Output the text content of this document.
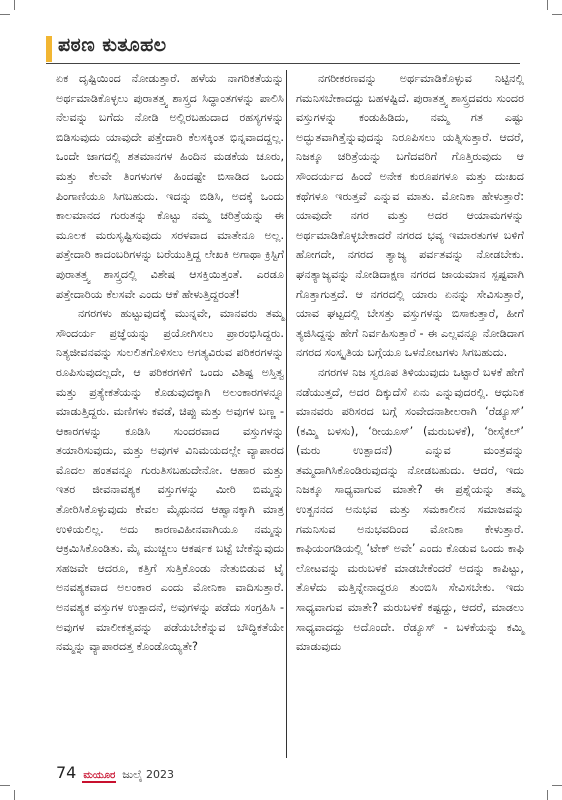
ಪಠಣ ಕುತೂಹಲ

ಏಕ ದೃಷ್ಟಿಯಿಂದ ನೋಡುತ್ತಾರೆ. ಹಳೆಯ ನಾಗರಿಕತೆಯನ್ನು ಅರ್ಥಮಾಡಿಕೊಳ್ಳಲು ಪುರಾತತ್ತ್ವ ಶಾಸ್ತ್ರದ ಸಿದ್ಧಾಂತಗಳನ್ನು ಪಾಲಿಸಿ ನೆಲವನ್ನು ಬಗೆದು ನೋಡಿ ಅಲ್ಲಿರಬಹುದಾದ ರಹಸ್ಯಗಳನ್ನು ಬಿಡಿಸುವುದು ಯಾವುದೇ ಪತ್ತೇದಾರಿ ಕೆಲಸಕ್ಕಿಂತ ಭಿನ್ನವಾದದ್ದಲ್ಲ. ಒಂದೇ ಜಾಗದಲ್ಲಿ ಶತಮಾನಗಳ ಹಿಂದಿನ ಮಡಕೆಯ ಚೂರು, ಮತ್ತು ಕೆಲವೇ ತಿಂಗಳುಗಳ ಹಿಂದಷ್ಟೇ ಬಿಸಾಡಿದ ಒಂದು ಪಿಂಗಾಣಿಯೂ ಸಿಗಬಹುದು. ಇದನ್ನು ಬಿಡಿಸಿ, ಅದಕ್ಕೆ ಒಂದು ಕಾಲಮಾನದ ಗುರುತನ್ನು ಕೊಟ್ಟು ನಮ್ಮ ಚರಿತ್ರೆಯನ್ನು ಈ ಮೂಲಕ ಮರುಸೃಷ್ಟಿಸುವುದು ಸರಳವಾದ ಮಾತೇನೂ ಅಲ್ಲ. ಪತ್ತೇದಾರಿ ಕಾದಂಬರಿಗಳನ್ನು ಬರೆಯುತ್ತಿದ್ದ ಲೇಖಕಿ ಅಗಾಥಾ ಕ್ರಿಸ್ಟಿಗೆ ಪುರಾತತ್ತ್ವ ಶಾಸ್ತ್ರದಲ್ಲಿ ವಿಶೇಷ ಆಸಕ್ತಿಯಿತ್ತಂತೆ. ಎರಡೂ ಪತ್ತೇದಾರಿಯ ಕೆಲಸವೇ ಎಂದು ಆಕೆ ಹೇಳುತ್ತಿದ್ದರಂತೆ!

ನಗರಗಳು ಹುಟ್ಟುವುದಕ್ಕೆ ಮುನ್ನವೇ, ಮಾನವರು ತಮ್ಮ ಸೌಂದರ್ಯ ಪ್ರಜ್ಞೆಯನ್ನು ಪ್ರಯೋಗಿಸಲು ಪ್ರಾರಂಭಿಸಿದ್ದರು. ನಿತ್ಯಜೀವನವನ್ನು ಸುಲಲಿತಗೊಳಿಸಲು ಅಗತ್ಯವಿರುವ ಪರಿಕರಗಳನ್ನು ರೂಪಿಸುವುದಲ್ಲದೇ, ಆ ಪರಿಕರಗಳಿಗೆ ಒಂದು ವಿಶಿಷ್ಟ ಅಸ್ತಿತ್ವ ಮತ್ತು ಪ್ರತ್ಯೇಕತೆಯನ್ನು ಕೊಡುವುದಕ್ಕಾಗಿ ಅಲಂಕಾರಗಳನ್ನೂ ಮಾಡುತ್ತಿದ್ದರು. ಮಣಿಗಳು ಕವಡೆ, ಚಿಪ್ಪು ಮತ್ತು ಅವುಗಳ ಬಣ್ಣ - ಆಕಾರಗಳನ್ನು ಕೂಡಿಸಿ ಸುಂದರವಾದ ವಸ್ತುಗಳನ್ನು ತಯಾರಿಸುವುದು, ಮತ್ತು ಅವುಗಳ ವಿನಿಮಯದಲ್ಲೇ ವ್ಯಾಪಾರದ ಮೊದಲ ಹಂತವನ್ನೂ ಗುರುತಿಸಬಹುದೇನೋ. ಆಹಾರ ಮತ್ತು ಇತರ ಜೀವನಾವಶ್ಯಕ ವಸ್ತುಗಳನ್ನು ಮೀರಿ ಬಿಮ್ಮನ್ನು ತೋರಿಸಿಕೊಳ್ಳುವುದು ಕೇವಲ ಮೈಥುನದ ಆಹ್ವಾನಕ್ಕಾಗಿ ಮಾತ್ರ ಉಳಿಯಲಿಲ್ಲ. ಅದು ಕಾರಣವಿಹೀನವಾಗಿಯೂ ನಮ್ಮನ್ನು ಆಕ್ರಮಿಸಿಕೊಂಡಿತು. ಮೈ ಮುಚ್ಚಲು ಆಕರ್ಷಕ ಬಟ್ಟೆ ಬೇಕೆನ್ನುವುದು ಸಹಜವೇ ಆದರೂ, ಕತ್ತಿಗೆ ಸುತ್ತಿಕೊಂಡು ನೇತುಬಿಡುವ ಟೈ ಅನವಶ್ಯಕವಾದ ಅಲಂಕಾರ ಎಂದು ಮೋನಿಕಾ ವಾದಿಸುತ್ತಾರೆ. ಅನವಶ್ಯಕ ವಸ್ತುಗಳ ಉತ್ಪಾದನೆ, ಅವುಗಳನ್ನು ಪಡೆದು ಸಂಗ್ರಹಿಸಿ - ಅವುಗಳ ಮಾಲೀಕತ್ವವನ್ನು ಪಡೆಯಬೇಕೆನ್ನುವ ಬೌದ್ಧಿಕತೆಯೇ ನಮ್ಮನ್ನು ವ್ಯಾಪಾರದತ್ತ ಕೊಂಡೊಯ್ಯಿತೇ?

ನಗರೀಕರಣವನ್ನು ಅರ್ಥಮಾಡಿಕೊಳ್ಳುವ ನಿಟ್ಟಿನಲ್ಲಿ ಗಮನಿಸಬೇಕಾದದ್ದು ಬಹಳಷ್ಟಿದೆ. ಪುರಾತತ್ತ್ವ ಶಾಸ್ತ್ರದವರು ಸುಂದರ ವಸ್ತುಗಳನ್ನು ಕಂಡುಹಿಡಿದು, ನಮ್ಮ ಗತ ಎಷ್ಟು ಅದ್ಭುತವಾಗಿತ್ತೆನ್ನುವುದನ್ನು ನಿರೂಪಿಸಲು ಯತ್ನಿಸುತ್ತಾರೆ. ಆದರೆ, ನಿಜಕ್ಕೂ ಚರಿತ್ರೆಯನ್ನು ಬಗೆದವರಿಗೆ ಗೊತ್ತಿರುವುದು ಆ ಸೌಂದರ್ಯದ ಹಿಂದೆ ಅನೇಕ ಕುರೂಪಗಳೂ ಮತ್ತು ದುಃಖದ ಕಥೆಗಳೂ ಇರುತ್ತವೆ ಎನ್ನುವ ಮಾತು. ಮೋನಿಕಾ ಹೇಳುತ್ತಾರೆ: ಯಾವುದೇ ನಗರ ಮತ್ತು ಅದರ ಆಯಾಮಗಳನ್ನು ಅರ್ಥಮಾಡಿಕೊಳ್ಳಬೇಕಾದರೆ ನಗರದ ಭವ್ಯ ಇಮಾರತುಗಳ ಬಳಿಗೆ ಹೋಗದೇ, ನಗರದ ತ್ಯಾಜ್ಯ ಪರ್ವತವನ್ನು ನೋಡಬೇಕು. ಘನತ್ಯಾಜ್ಯವನ್ನು ನೋಡಿದಾಕ್ಷಣ ನಗರದ ಜಾಯಮಾನ ಸ್ಪಷ್ಟವಾಗಿ ಗೊತ್ತಾಗುತ್ತದೆ. ಆ ನಗರದಲ್ಲಿ ಯಾರು ಏನನ್ನು ಸೇವಿಸುತ್ತಾರೆ, ಯಾವ ಘಟ್ಟದಲ್ಲಿ ಬೇಸತ್ತು ವಸ್ತುಗಳನ್ನು ಬಿಸಾಕುತ್ತಾರೆ, ಹೀಗೆ ತ್ಯಜಿಸಿದ್ದನ್ನು ಹೇಗೆ ನಿರ್ವಹಿಸುತ್ತಾರೆ - ಈ ಎಲ್ಲವನ್ನೂ ನೋಡಿದಾಗ ನಗರದ ಸಂಸ್ಕೃತಿಯ ಬಗ್ಗೆಯೂ ಒಳನೋಟಗಳು ಸಿಗಬಹುದು.

ನಗರಗಳ ನಿಜ ಸ್ವರೂಪ ತಿಳಿಯುವುದು ಒಟ್ಟಾರೆ ಬಳಕೆ ಹೇಗೆ ನಡೆಯುತ್ತದೆ, ಅದರ ದಿಕ್ಕುದೆಸೆ ಏನು ಎನ್ನುವುದರಲ್ಲಿ. ಆಧುನಿಕ ಮಾನವರು ಪರಿಸರದ ಬಗ್ಗೆ ಸಂವೇದನಾಶೀಲರಾಗಿ ‘ರೆಡ್ಯೂಸ್’ (ಕಮ್ಮಿ ಬಳಸು), ‘ರೀಯೂಸ್’ (ಮರುಬಳಕೆ), ‘ರೀಸೈಕಲ್’ (ಮರು ಉತ್ಪಾದನೆ) ಎನ್ನುವ ಮಂತ್ರವನ್ನು ತಮ್ಮದಾಗಿಸಿಕೊಂಡಿರುವುದನ್ನು ನೋಡಬಹುದು. ಆದರೆ, ಇದು ನಿಜಕ್ಕೂ ಸಾಧ್ಯವಾಗುವ ಮಾತೇ? ಈ ಪ್ರಶ್ನೆಯನ್ನು ತಮ್ಮ ಉತ್ಖನನದ ಅನುಭವ ಮತ್ತು ಸಮಕಾಲೀನ ಸಮಾಜವನ್ನು ಗಮನಿಸುವ ಅನುಭವದಿಂದ ಮೋನಿಕಾ ಕೇಳುತ್ತಾರೆ. ಕಾಫಿಯಂಗಡಿಯಲ್ಲಿ ‘ಟೇಕ್ ಅವೇ’ ಎಂದು ಕೊಡುವ ಒಂದು ಕಾಫಿ ಲೋಟವನ್ನು ಮರುಬಳಕೆ ಮಾಡಬೇಕೆಂದರೆ ಅದನ್ನು ಕಾಪಿಟ್ಟು, ತೊಳೆದು ಮತ್ತಿನ್ನೇನಾದ್ದರೂ ತುಂಬಿಸಿ ಸೇವಿಸಬೇಕು. ಇದು ಸಾಧ್ಯವಾಗುವ ಮಾತೇ? ಮರುಬಳಕೆ ಕಷ್ಟದ್ದು, ಆದರೆ, ಮಾಡಲು ಸಾಧ್ಯವಾದದ್ದು ಅದೊಂದೇ. ರೆಡ್ಯೂಸ್ - ಬಳಕೆಯನ್ನು ಕಮ್ಮಿ ಮಾಡುವುದು

74 ಮಯೂರ ಜುಲೈ 2023
